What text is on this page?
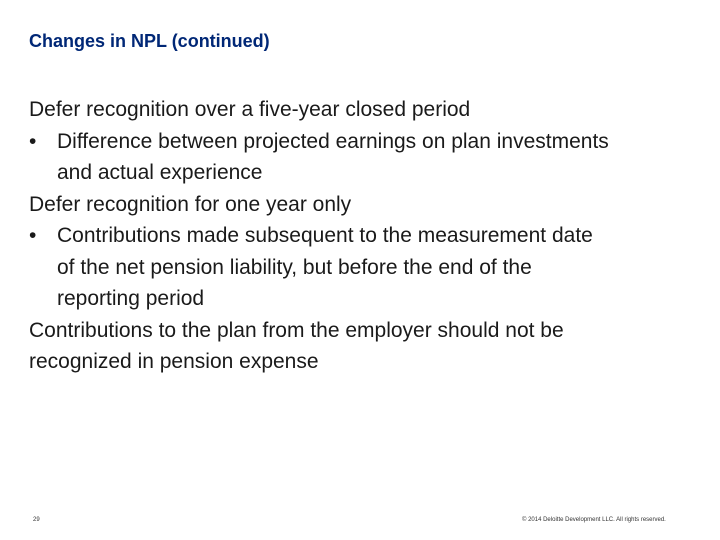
Changes in NPL (continued)
Defer recognition over a five-year closed period
• Difference between projected earnings on plan investments
and actual experience
Defer recognition for one year only
• Contributions made subsequent to the measurement date
of the net pension liability, but before the end of the
reporting period
Contributions to the plan from the employer should not be
recognized in pension expense
29	© 2014 Deloitte Development LLC. All rights reserved.
